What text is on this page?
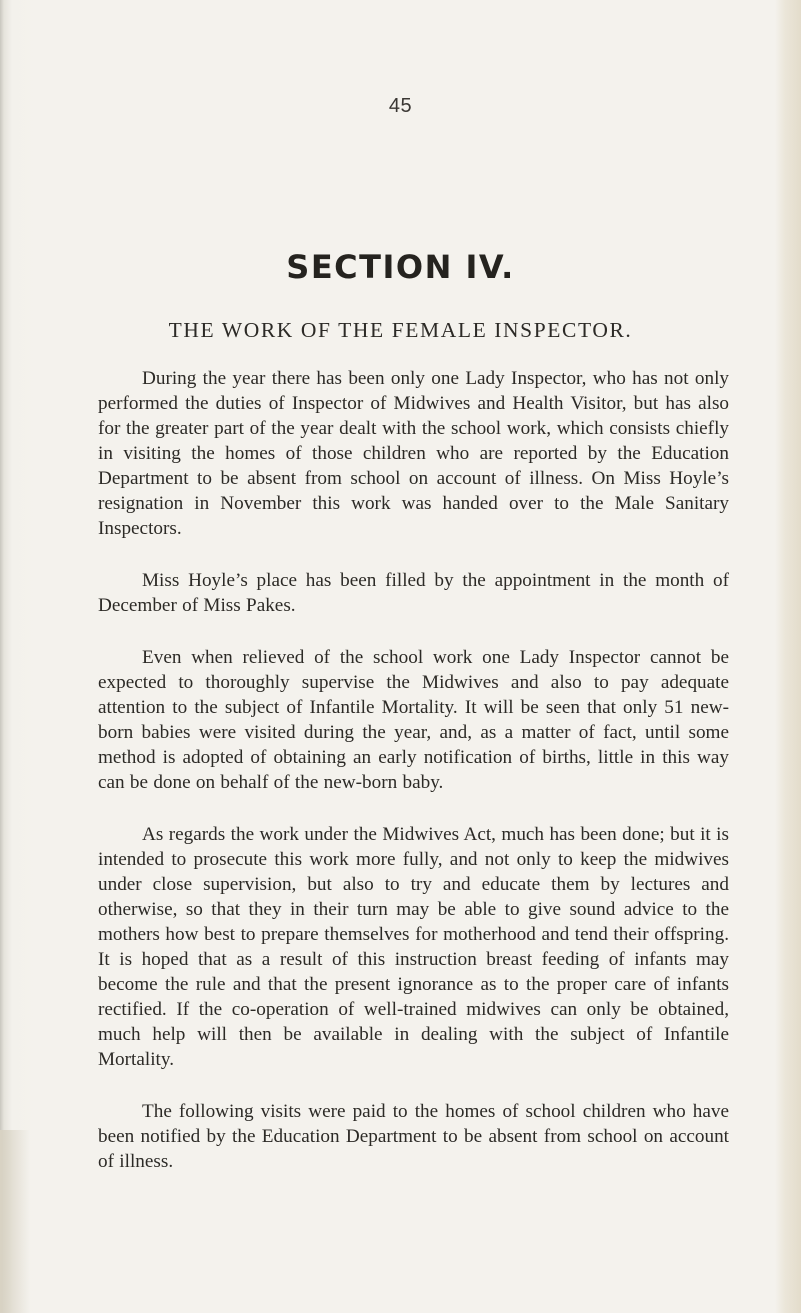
45
SECTION IV.
THE WORK OF THE FEMALE INSPECTOR.

During the year there has been only one Lady Inspector, who has not only performed the duties of Inspector of Midwives and Health Visitor, but has also for the greater part of the year dealt with the school work, which consists chiefly in visiting the homes of those children who are reported by the Education Department to be absent from school on account of illness. On Miss Hoyle’s resignation in November this work was handed over to the Male Sanitary Inspectors.

Miss Hoyle’s place has been filled by the appointment in the month of December of Miss Pakes.

Even when relieved of the school work one Lady Inspector cannot be expected to thoroughly supervise the Midwives and also to pay adequate attention to the subject of Infantile Mortality. It will be seen that only 51 new-born babies were visited during the year, and, as a matter of fact, until some method is adopted of obtaining an early notification of births, little in this way can be done on behalf of the new-born baby.

As regards the work under the Midwives Act, much has been done; but it is intended to prosecute this work more fully, and not only to keep the midwives under close supervision, but also to try and educate them by lectures and otherwise, so that they in their turn may be able to give sound advice to the mothers how best to prepare themselves for motherhood and tend their offspring. It is hoped that as a result of this instruction breast feeding of infants may become the rule and that the present ignorance as to the proper care of infants rectified. If the co-operation of well-trained midwives can only be obtained, much help will then be available in dealing with the subject of Infantile Mortality.

The following visits were paid to the homes of school children who have been notified by the Education Department to be absent from school on account of illness.
